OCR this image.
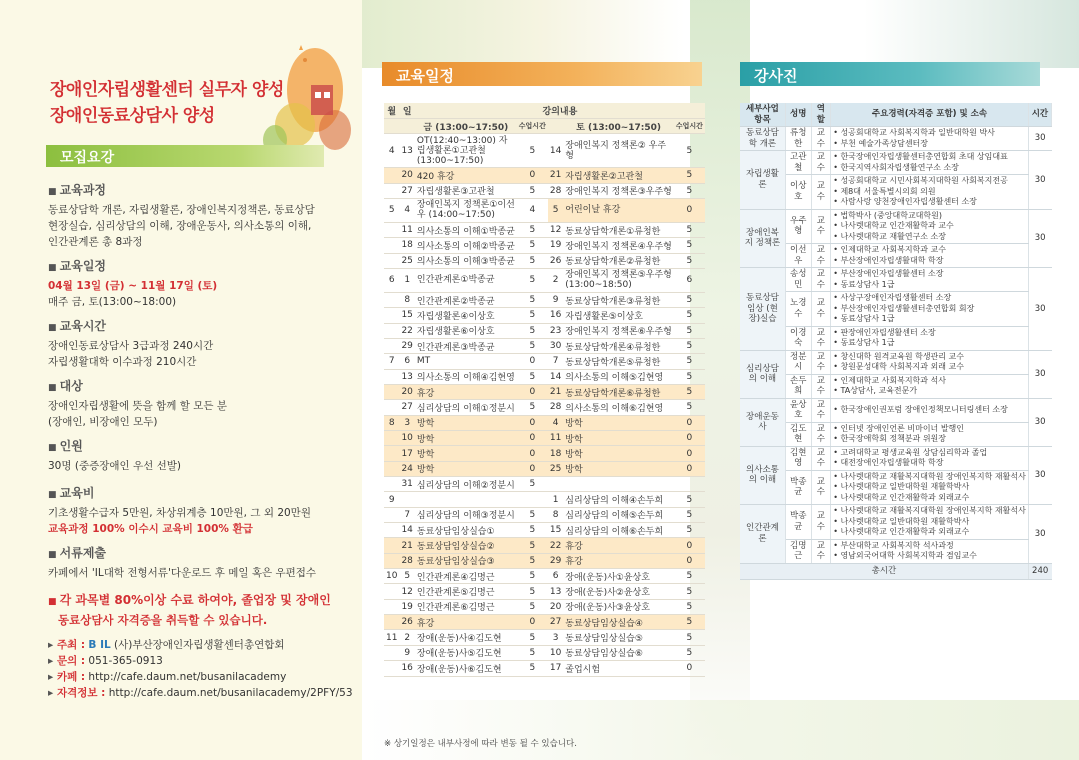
장애인자립생활센터 실무자 양성
장애인동료상담사 양성
모집요강
■ 교육과정
동료상담학 개론, 자립생활론, 장애인복지정책론, 동료상담
현장실습, 심리상담의 이해, 장애운동사, 의사소통의 이해,
인간관계론 총 8과정
■ 교육일정
04월 13일 (금) ~ 11월 17일 (토)
매주 금, 토(13:00~18:00)
■ 교육시간
장애인동료상담사 3급과정 240시간
자립생활대학 이수과정 210시간
■ 대상
장애인자립생활에 뜻을 함께 할 모든 분
(장애인, 비장애인 모두)
■ 인원
30명 (중증장애인 우선 선발)
■ 교육비
기초생활수급자 5만원, 차상위계층 10만원, 그 외 20만원
교육과정 100% 이수시 교육비 100% 환급
■ 서류제출
카페에서 'IL대학 전형서류'다운로드 후 메일 혹은 우편접수
■ 각 과목별 80%이상 수료 하여야, 졸업장 및 장애인
동료상담사 자격증을 취득할 수 있습니다.
▸ 주최 : B IL (사)부산장애인자립생활센터총연합회
▸ 문의 : 051-365-0913
▸ 카페 : http://cafe.daum.net/busanilacademy
▸ 자격정보 : http://cafe.daum.net/busanilacademy/2PFY/53
교육일정	강사진
월	일	강의내용				
		금 (13:00~17:50)	수업시간		토 (13:00~17:50)	수업시간
4	13	OT(12:40~13:00) 자립생활론①고관철 (13:00~17:50)	5	14	장애인복지 정책론② 우주형	5
	20	420 휴강	0	21	자립생활론②고관철	5
	27	자립생활론③고관철	5	28	장애인복지 정책론③우주형	5
5	4	장애인복지 정책론①이선우 (14:00~17:50)	4	5	어린이날 휴강	0
	11	의사소통의 이해①박종균	5	12	동료상담학개론①류청한	5
	18	의사소통의 이해②박종균	5	19	장애인복지 정책론④우주형	5
	25	의사소통의 이해③박종균	5	26	동료상담학개론②류청한	5
6	1	인간관계론①박종균	5	2	장애인복지 정책론⑤우주형 (13:00~18:50)	6
	8	인간관계론②박종균	5	9	동료상담학개론③류청한	5
	15	자립생활론④이상호	5	16	자립생활론⑤이상호	5
	22	자립생활론⑥이상호	5	23	장애인복지 정책론⑥우주형	5
	29	인간관계론③박종균	5	30	동료상담학개론④류청한	5
7	6	MT	0	7	동료상담학개론⑤류청한	5
	13	의사소통의 이해④김현영	5	14	의사소통의 이해⑤김현영	5
	20	휴강	0	21	동료상담학개론⑥류청한	5
	27	심리상담의 이해①정분시	5	28	의사소통의 이해⑥김현영	5
8	3	방학	0	4	방학	0
	10	방학	0	11	방학	0
	17	방학	0	18	방학	0
	24	방학	0	25	방학	0
	31	심리상담의 이해②정분시	5			
9				1	심리상담의 이해④손두희	5
	7	심리상담의 이해③정분시	5	8	심리상담의 이해⑤손두희	5
	14	동료상담임상실습①	5	15	심리상담의 이해⑥손두희	5
	21	동료상담임상실습②	5	22	휴강	0
	28	동료상담임상실습③	5	29	휴강	0
10	5	인간관계론④김명근	5	6	장애(운동)사①윤상호	5
	12	인간관계론⑤김명근	5	13	장애(운동)사②윤상호	5
	19	인간관계론⑥김명근	5	20	장애(운동)사③윤상호	5
	26	휴강	0	27	동료상담임상실습④	5
11	2	장애(운동)사④김도현	5	3	동료상담임상실습⑤	5
	9	장애(운동)사⑤김도현	5	10	동료상담임상실습⑥	5
	16	장애(운동)사⑥김도현	5	17	졸업시험	0
※ 상기일정은 내부사정에 따라 변동 될 수 있습니다.
세부사업항목	성명	역할	주요경력(자격증 포함) 및 소속	시간
동료상담학 개론	류청한	교수	• 성공회대학교 사회복지학과 일반대학원 박사
• 부천 예술가족상담센터장	30
자립생활론	고관철	교수	• 한국장애인자립생활센터총연합회 초대 상임대표
• 한국지역사회자립생활연구소 소장	30
	이상호	교수	• 성공회대학교 시민사회복지대학원 사회복지전공
• 제8대 서울특별시의회 의원
• 사람사랑 양천장애인자립생활센터 소장	

장애인복지 정책론	우주형	교수	• 법학박사 (중앙대학교대학원)
• 나사렛대학교 인간재활학과 교수
• 나사렛대학교 재활연구소 소장	30
	이선우	교수	• 인제대학교 사회복지학과 교수
• 부산장애인자립생활대학 학장	

동료상담임상 (현장)실습	송성민	교수	• 부산장애인자립생활센터 소장
• 동료상담사 1급	30
	노경수	교수	• 사상구장애인자립생활센터 소장
• 부산장애인자립생활센터총연합회 회장
• 동료상담사 1급	

	이경숙	교수	• 판장애인자립생활센터 소장
• 동료상담사 1급	

심리상담의 이해	정분시	교수	• 창신대학 원격교육원 학생관리 교수
• 창원문성대학 사회복지과 외래 교수	30
	손두희	교수	• 인제대학교 사회복지학과 석사
• TA상담사, 교육전문가	

장애운동사	윤상호	교수	• 한국장애인권포럼 장애인정책모니터링센터 소장	30
	김도현	교수	• 인터넷 장애인언론 비마이너 발행인
• 한국장애학회 정책분과 위원장	

의사소통의 이해	김현영	교수	• 고려대학교 평생교육원 상담심리학과 졸업
• 대전장애인자립생활대학 학장	30
	박종균	교수	• 나사렛대학교 재활복지대학원 장애인복지학 재활석사
• 나사렛대학교 일반대학원 재활학박사
• 나사렛대학교 인간재활학과 외래교수	

인간관계론	박종균	교수	• 나사렛대학교 재활복지대학원 장애인복지학 재활석사
• 나사렛대학교 일반대학원 재활학박사
• 나사렛대학교 인간재활학과 외래교수	30
	김명근	교수	• 부산대학교 사회복지학 석사과정
• 영남외국어대학 사회복지학과 겸임교수	

총시간				240
